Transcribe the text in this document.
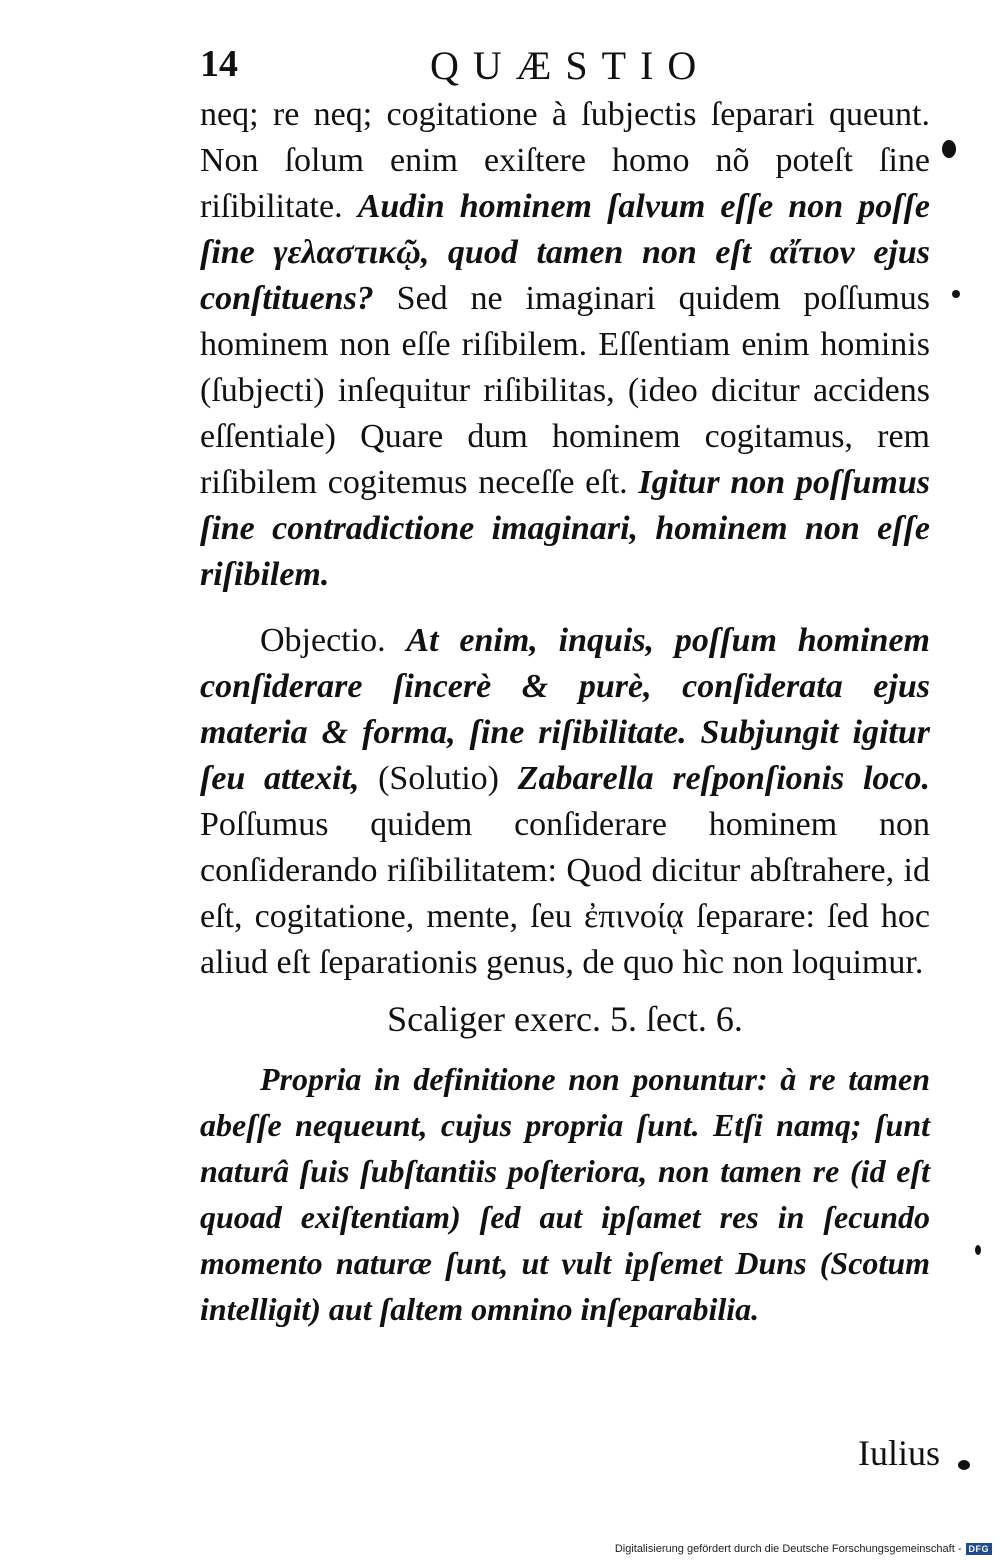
14	QUÆSTIO

neq; re neq; cogitatione à ſubjectis ſeparari queunt. Non ſolum enim exiſtere homo nõ poteſt ſine riſibilitate. Audin hominem ſalvum eſſe non poſſe ſine γελαστικῷ, quod tamen non eſt αἴτιον ejus conſtituens? Sed ne imaginari quidem poſſumus hominem non eſſe riſibilem. Eſſentiam enim hominis (ſubjecti) inſequitur riſibilitas, (ideo dicitur accidens eſſentiale) Quare dum hominem cogitamus, rem riſibilem cogitemus neceſſe eſt. Igitur non poſſumus ſine contradictione imaginari, hominem non eſſe riſibilem.

Objectio. At enim, inquis, poſſum hominem conſiderare ſincerè & purè, conſiderata ejus materia & forma, ſine riſibilitate. Subjungit igitur ſeu attexit, (Solutio) Zabarella reſponſionis loco. Poſſumus quidem conſiderare hominem non conſiderando riſibilitatem: Quod dicitur abſtrahere, id eſt, cogitatione, mente, ſeu ἐπινοίᾳ ſeparare: ſed hoc aliud eſt ſeparationis genus, de quo hìc non loquimur.

Scaliger exerc. 5. ſect. 6.

Propria in definitione non ponuntur: à re tamen abeſſe nequeunt, cujus propria ſunt. Etſi namq; ſunt naturâ ſuis ſubſtantiis poſteriora, non tamen re (id eſt quoad exiſtentiam) ſed aut ipſamet res in ſecundo momento naturæ ſunt, ut vult ipſemet Duns (Scotum intelligit) aut ſaltem omnino inſeparabilia.

Iulius
Digitalisierung gefördert durch die Deutsche Forschungsgemeinschaft - DFG
